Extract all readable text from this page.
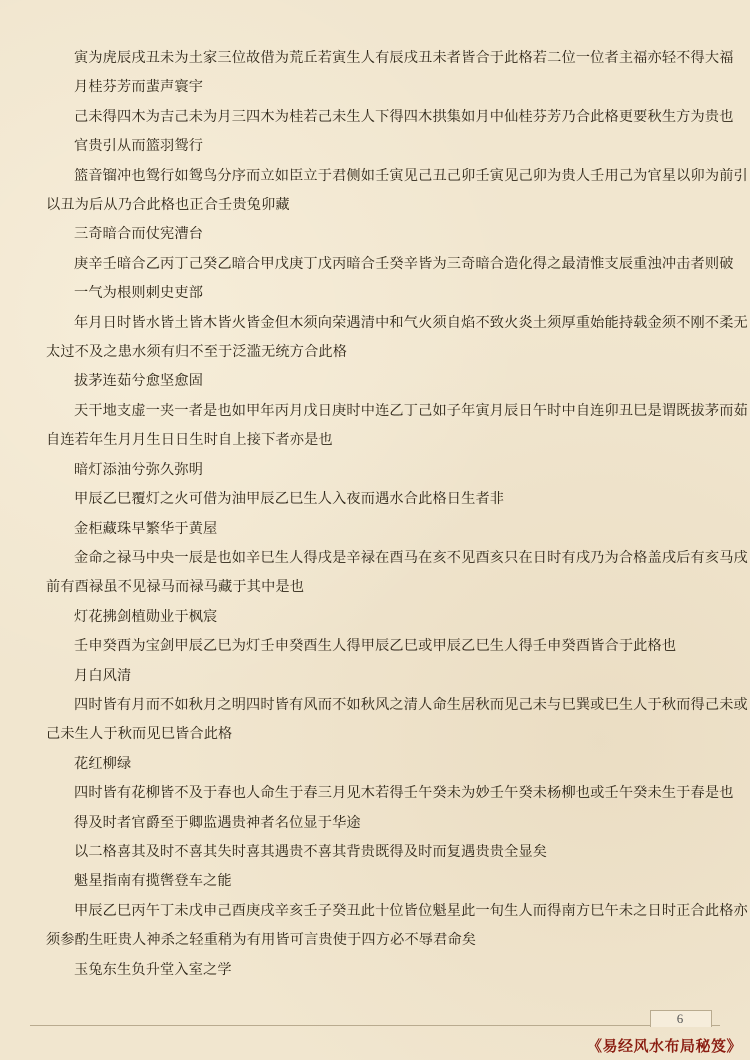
寅为虎辰戌丑未为土家三位故借为荒丘若寅生人有辰戌丑未者皆合于此格若二位一位者主福亦轻不得大福
月桂芬芳而蜚声寰宇
己未得四木为吉己未为月三四木为桂若己未生人下得四木拱集如月中仙桂芬芳乃合此格更要秋生方为贵也
官贵引从而篮羽鸳行
篮音镏冲也鸳行如鸳鸟分序而立如臣立于君侧如壬寅见己丑己卯壬寅见己卯为贵人壬用己为官星以卯为前引
以丑为后从乃合此格也正合壬贵兔卯藏
三奇暗合而仗宪漕台
庚辛壬暗合乙丙丁己癸乙暗合甲戊庚丁戊丙暗合壬癸辛皆为三奇暗合造化得之最清惟支辰重浊冲击者则破
一气为根则刺史吏部
年月日时皆水皆土皆木皆火皆金但木须向荣遇清中和气火须自焰不致火炎土须厚重始能持载金须不刚不柔无
太过不及之患水须有归不至于泛滥无统方合此格
拔茅连茹兮愈坚愈固
天干地支虚一夹一者是也如甲年丙月戊日庚时中连乙丁己如子年寅月辰日午时中自连卯丑巳是谓既拔茅而茹
自连若年生月月生日日生时自上接下者亦是也
暗灯添油兮弥久弥明
甲辰乙巳覆灯之火可借为油甲辰乙巳生人入夜而遇水合此格日生者非
金柜藏珠早繁华于黄屋
金命之禄马中央一辰是也如辛巳生人得戌是辛禄在酉马在亥不见酉亥只在日时有戌乃为合格盖戌后有亥马戌
前有酉禄虽不见禄马而禄马藏于其中是也
灯花拂剑植勋业于枫宸
壬申癸酉为宝剑甲辰乙巳为灯壬申癸酉生人得甲辰乙巳或甲辰乙巳生人得壬申癸酉皆合于此格也
月白风清
四时皆有月而不如秋月之明四时皆有风而不如秋风之清人命生居秋而见己未与巳巽或巳生人于秋而得己未或
己未生人于秋而见巳皆合此格
花红柳绿
四时皆有花柳皆不及于春也人命生于春三月见木若得壬午癸未为妙壬午癸未杨柳也或壬午癸未生于春是也
得及时者官爵至于卿监遇贵神者名位显于华途
以二格喜其及时不喜其失时喜其遇贵不喜其背贵既得及时而复遇贵贵全显矣
魁星指南有揽辔登车之能
甲辰乙巳丙午丁未戊申己酉庚戌辛亥壬子癸丑此十位皆位魁星此一旬生人而得南方巳午未之日时正合此格亦
须参酌生旺贵人神杀之轻重稍为有用皆可言贵使于四方必不辱君命矣
玉兔东生负升堂入室之学
6
《易经风水布局秘笈》
